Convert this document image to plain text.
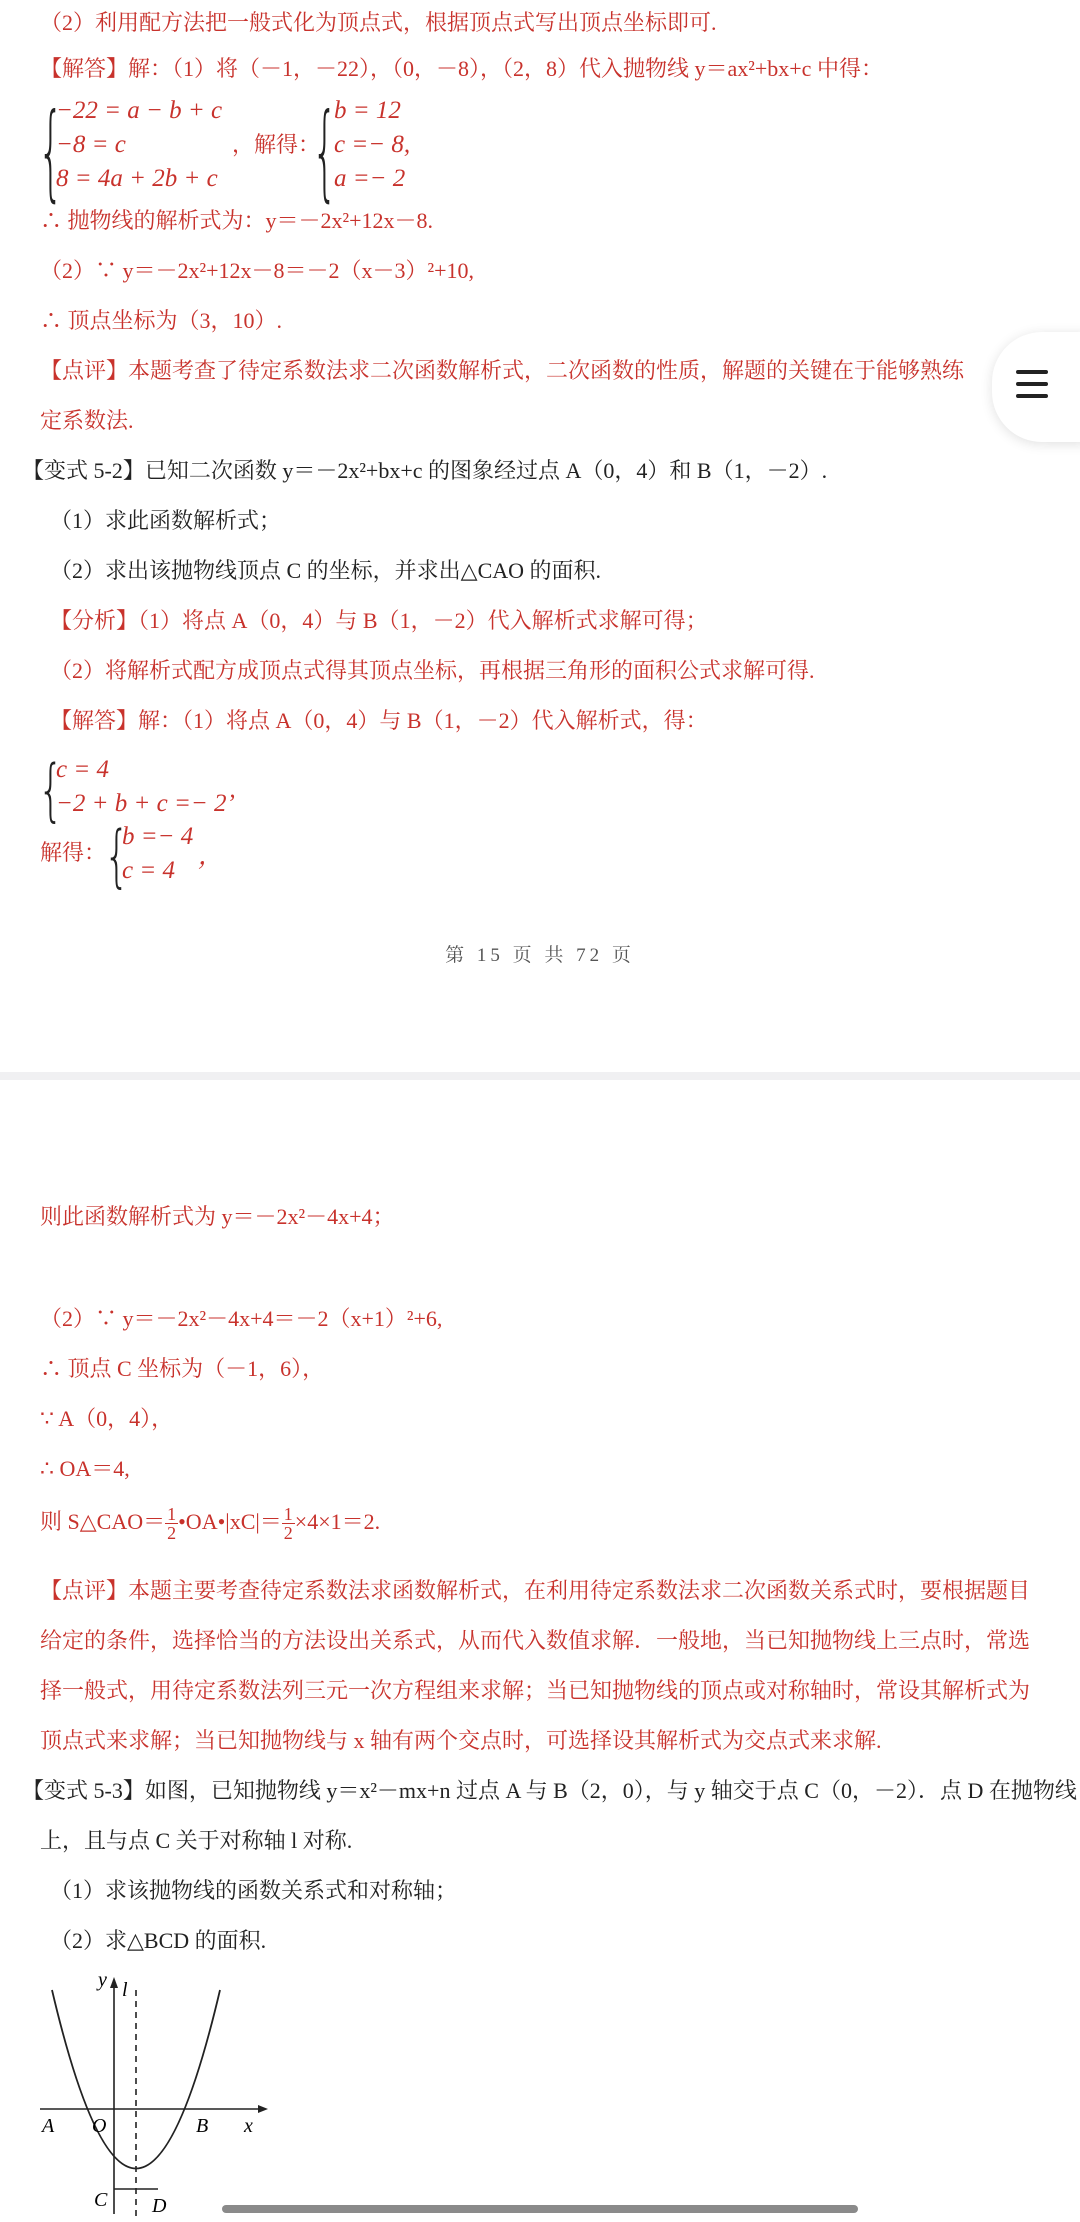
（2）利用配方法把一般式化为顶点式，根据顶点式写出顶点坐标即可.
【解答】解：（1）将（－1，－22），（0，－8），（2，8）代入抛物线 y＝ax²+bx+c 中得：
{
−22 = a − b + c
−8 = c
8 = 4a + 2b + c
，解得：
{
b = 12
c =− 8,
a =− 2
∴ 抛物线的解析式为：y＝－2x²+12x－8.
（2）∵ y＝－2x²+12x－8＝－2（x－3）²+10,
∴ 顶点坐标为（3，10）.
【点评】本题考查了待定系数法求二次函数解析式，二次函数的性质，解题的关键在于能够熟练
定系数法.
【变式 5-2】已知二次函数 y＝－2x²+bx+c 的图象经过点 A（0，4）和 B（1，－2）.
（1）求此函数解析式；
（2）求出该抛物线顶点 C 的坐标，并求出△CAO 的面积.
【分析】（1）将点 A（0，4）与 B（1，－2）代入解析式求解可得；
（2）将解析式配方成顶点式得其顶点坐标，再根据三角形的面积公式求解可得.
【解答】解：（1）将点 A（0，4）与 B（1，－2）代入解析式，得：
{
c = 4
−2 + b + c =− 2’
解得：
{
b =− 4
c = 4
，
第 15 页 共 72 页
则此函数解析式为 y＝－2x²－4x+4；
（2）∵ y＝－2x²－4x+4＝－2（x+1）²+6,
∴ 顶点 C 坐标为（－1，6），
∵ A（0，4），
∴ OA＝4,
则 S△CAO＝ $\frac{1}{2}$ •OA•|xC|＝ $\frac{1}{2} \times 4\times 1=2$.
【点评】本题主要考查待定系数法求函数解析式，在利用待定系数法求二次函数关系式时，要根据题目
给定的条件，选择恰当的方法设出关系式，从而代入数值求解．一般地，当已知抛物线上三点时，常选
择一般式，用待定系数法列三元一次方程组来求解；当已知抛物线的顶点或对称轴时，常设其解析式为
顶点式来求解；当已知抛物线与 x 轴有两个交点时，可选择设其解析式为交点式来求解.
【变式 5-3】如图，已知抛物线 y＝x²－mx+n 过点 A 与 B（2，0），与 y 轴交于点 C（0，－2）．点 D 在抛物线
上，且与点 C 关于对称轴 l 对称.
（1）求该抛物线的函数关系式和对称轴；
（2）求△BCD 的面积.
y l
A O	B x
C D
